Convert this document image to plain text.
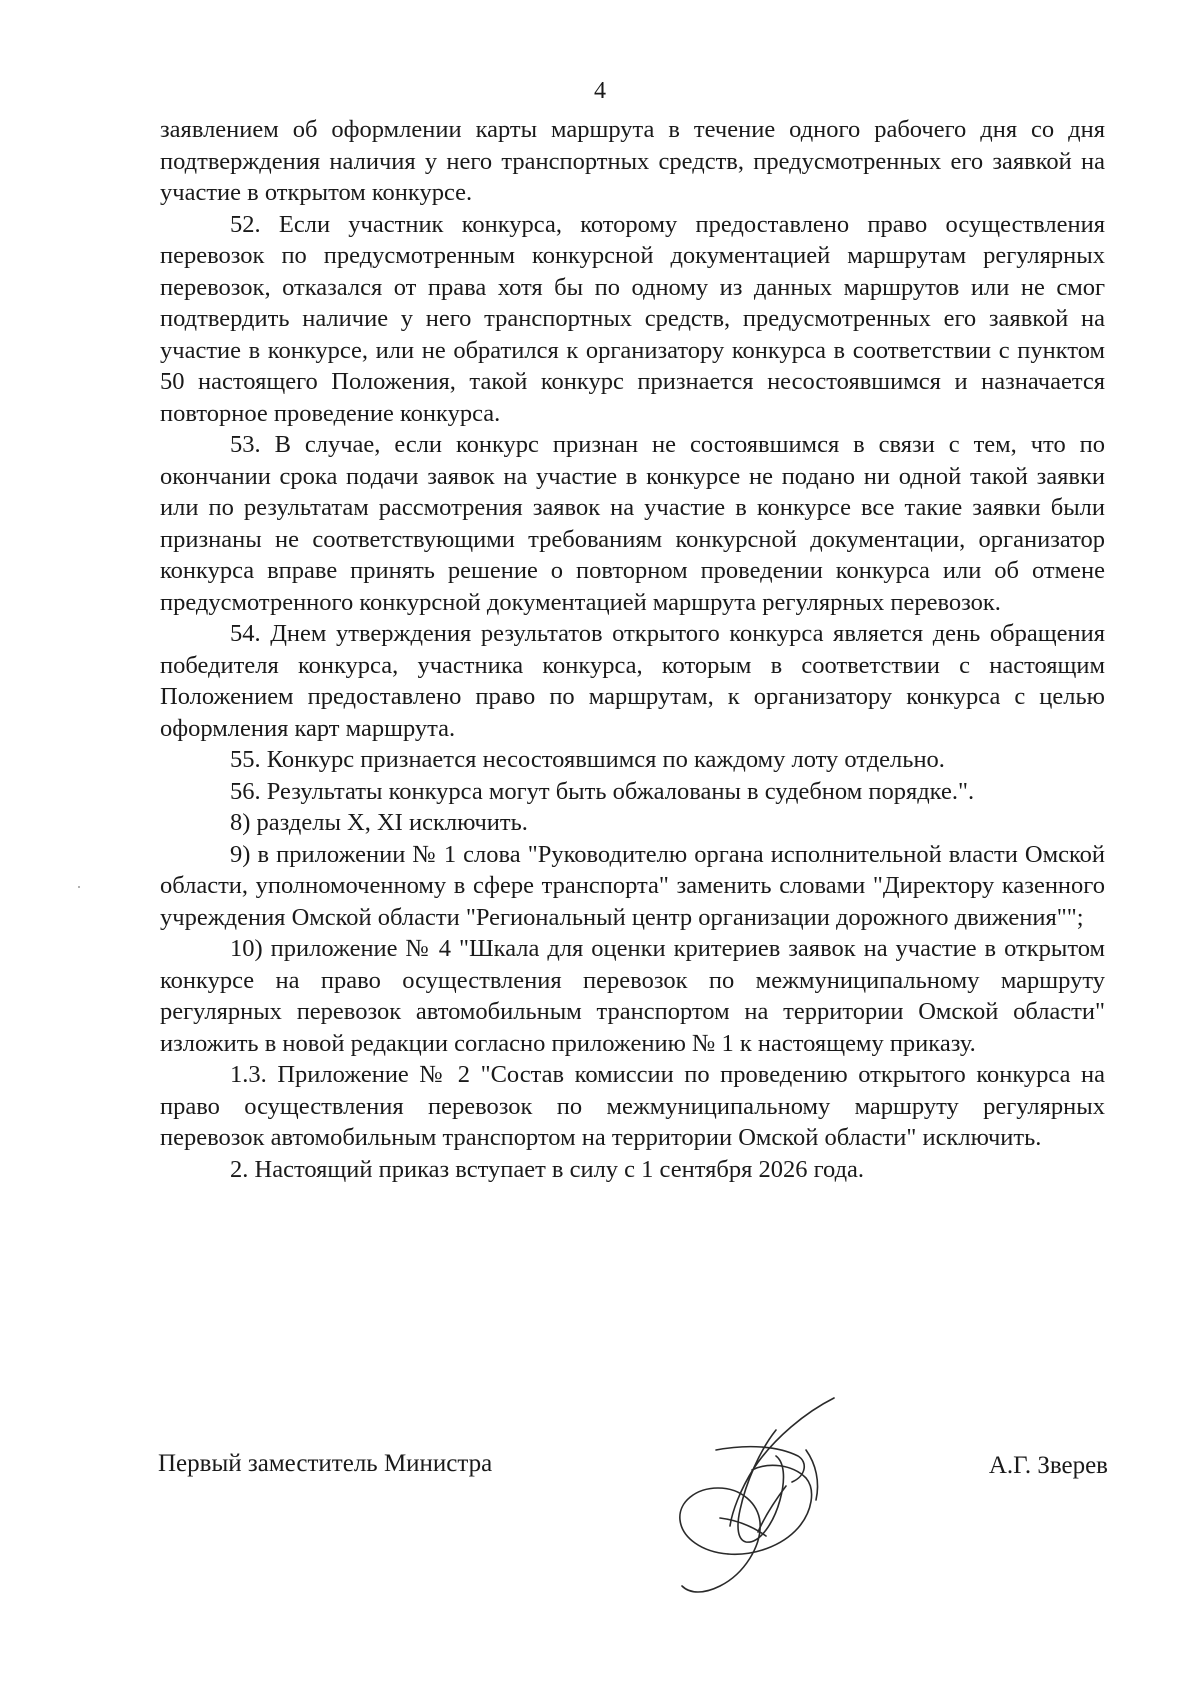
4

заявлением об оформлении карты маршрута в течение одного рабочего дня со дня подтверждения наличия у него транспортных средств, предусмотренных его заявкой на участие в открытом конкурсе.

52. Если участник конкурса, которому предоставлено право осуществления перевозок по предусмотренным конкурсной документацией маршрутам регулярных перевозок, отказался от права хотя бы по одному из данных маршрутов или не смог подтвердить наличие у него транспортных средств, предусмотренных его заявкой на участие в конкурсе, или не обратился к организатору конкурса в соответствии с пунктом 50 настоящего Положения, такой конкурс признается несостоявшимся и назначается повторное проведение конкурса.

53. В случае, если конкурс признан не состоявшимся в связи с тем, что по окончании срока подачи заявок на участие в конкурсе не подано ни одной такой заявки или по результатам рассмотрения заявок на участие в конкурсе все такие заявки были признаны не соответствующими требованиям конкурсной документации, организатор конкурса вправе принять решение о повторном проведении конкурса или об отмене предусмотренного конкурсной документацией маршрута регулярных перевозок.

54. Днем утверждения результатов открытого конкурса является день обращения победителя конкурса, участника конкурса, которым в соответствии с настоящим Положением предоставлено право по маршрутам, к организатору конкурса с целью оформления карт маршрута.

55. Конкурс признается несостоявшимся по каждому лоту отдельно.

56. Результаты конкурса могут быть обжалованы в судебном порядке.".

8) разделы X, XI исключить.

9) в приложении № 1 слова "Руководителю органа исполнительной власти Омской области, уполномоченному в сфере транспорта" заменить словами "Директору казенного учреждения Омской области "Региональный центр организации дорожного движения"";

10) приложение № 4 "Шкала для оценки критериев заявок на участие в открытом конкурсе на право осуществления перевозок по межмуниципальному маршруту регулярных перевозок автомобильным транспортом на территории Омской области" изложить в новой редакции согласно приложению № 1 к настоящему приказу.

1.3. Приложение № 2 "Состав комиссии по проведению открытого конкурса на право осуществления перевозок по межмуниципальному маршруту регулярных перевозок автомобильным транспортом на территории Омской области" исключить.

2. Настоящий приказ вступает в силу с 1 сентября 2026 года.

Первый заместитель Министра	А.Г. Зверев
